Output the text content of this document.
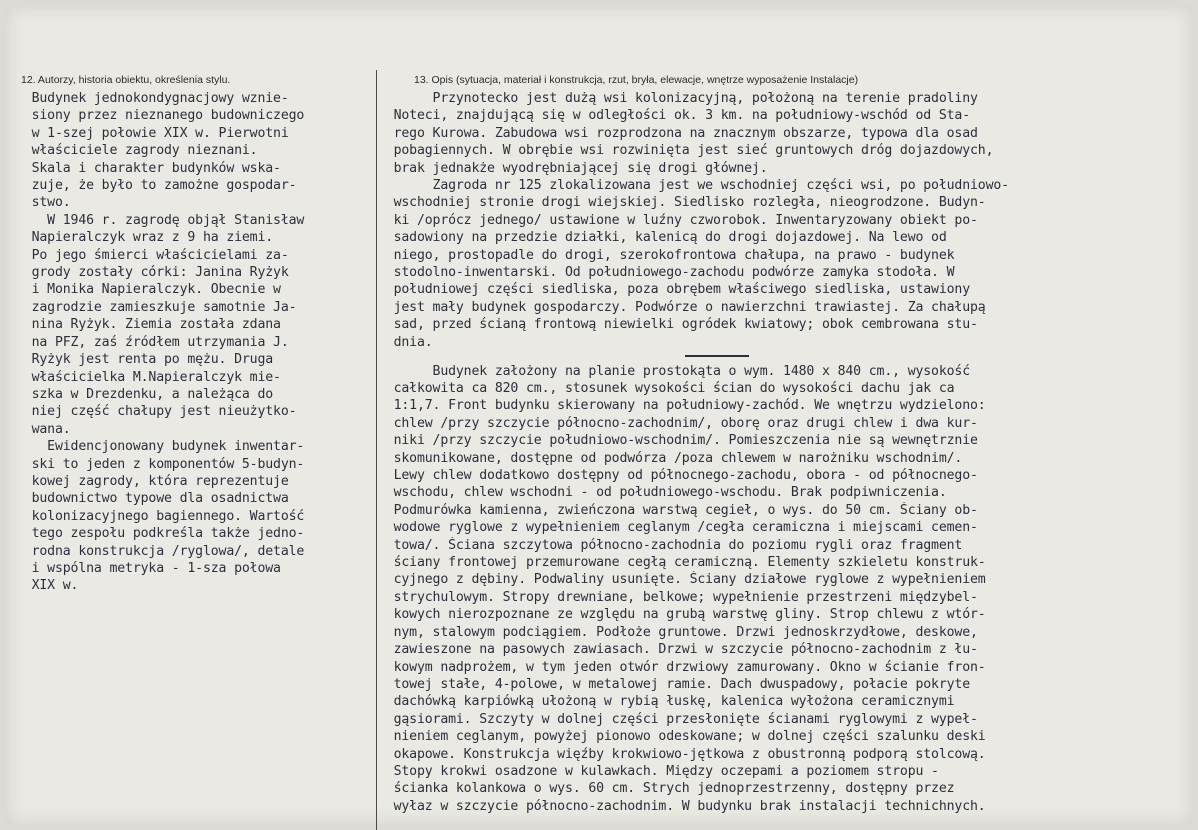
12. Autorzy, historia obiektu, określenia stylu.	13. Opis (sytuacja, materiał i konstrukcja, rzut, bryła, elewacje, wnętrze wyposażenie Instalacje)
Budynek jednokondygnacjowy wznie-
siony przez nieznanego budowniczego
w 1-szej połowie XIX w. Pierwotni
właściciele zagrody nieznani.
Skala i charakter budynków wska-
zuje, że było to zamożne gospodar-
stwo.
W 1946 r. zagrodę objął Stanisław
Napieralczyk wraz z 9 ha ziemi.
Po jego śmierci właścicielami za-
grody zostały córki: Janina Ryżyk
i Monika Napieralczyk. Obecnie w
zagrodzie zamieszkuje samotnie Ja-
nina Ryżyk. Ziemia została zdana
na PFZ, zaś źródłem utrzymania J.
Ryżyk jest renta po mężu. Druga
właścicielka M.Napieralczyk mie-
szka w Drezdenku, a należąca do
niej część chałupy jest nieużytko-
wana.
Ewidencjonowany budynek inwentar-
ski to jeden z komponentów 5-budyn-
kowej zagrody, która reprezentuje
budownictwo typowe dla osadnictwa
kolonizacyjnego bagiennego. Wartość
tego zespołu podkreśla także jedno-
rodna konstrukcja /ryglowa/, detale
i wspólna metryka - 1-sza połowa
XIX w.
Przynotecko jest dużą wsi kolonizacyjną, położoną na terenie pradoliny
Noteci, znajdującą się w odległości ok. 3 km. na południowy-wschód od Sta-
rego Kurowa. Zabudowa wsi rozprodzona na znacznym obszarze, typowa dla osad
pobagiennych. W obrębie wsi rozwinięta jest sieć gruntowych dróg dojazdowych,
brak jednakże wyodrębniającej się drogi głównej.
Zagroda nr 125 zlokalizowana jest we wschodniej części wsi, po południowo-
wschodniej stronie drogi wiejskiej. Siedlisko rozległa, nieogrodzone. Budyn-
ki /oprócz jednego/ ustawione w luźny czworobok. Inwentaryzowany obiekt po-
sadowiony na przedzie działki, kalenicą do drogi dojazdowej. Na lewo od
niego, prostopadle do drogi, szerokofrontowa chałupa, na prawo - budynek
stodolno-inwentarski. Od południowego-zachodu podwórze zamyka stodoła. W
południowej części siedliska, poza obrębem właściwego siedliska, ustawiony
jest mały budynek gospodarczy. Podwórze o nawierzchni trawiastej. Za chałupą
sad, przed ścianą frontową niewielki ogródek kwiatowy; obok cembrowana stu-
dnia.
Budynek założony na planie prostokąta o wym. 1480 x 840 cm., wysokość
całkowita ca 820 cm., stosunek wysokości ścian do wysokości dachu jak ca
1:1,7. Front budynku skierowany na południowy-zachód. We wnętrzu wydzielono:
chlew /przy szczycie północno-zachodnim/, oborę oraz drugi chlew i dwa kur-
niki /przy szczycie południowo-wschodnim/. Pomieszczenia nie są wewnętrznie
skomunikowane, dostępne od podwórza /poza chlewem w narożniku wschodnim/.
Lewy chlew dodatkowo dostępny od północnego-zachodu, obora - od północnego-
wschodu, chlew wschodni - od południowego-wschodu. Brak podpiwniczenia.
Podmurówka kamienna, zwieńczona warstwą cegieł, o wys. do 50 cm. Ściany ob-
wodowe ryglowe z wypełnieniem ceglanym /cegła ceramiczna i miejscami cemen-
towa/. Ściana szczytowa północno-zachodnia do poziomu rygli oraz fragment
ściany frontowej przemurowane cegłą ceramiczną. Elementy szkieletu konstruk-
cyjnego z dębiny. Podwaliny usunięte. Ściany działowe ryglowe z wypełnieniem
strychulowym. Stropy drewniane, belkowe; wypełnienie przestrzeni międzybel-
kowych nierozpoznane ze względu na grubą warstwę gliny. Strop chlewu z wtór-
nym, stalowym podciągiem. Podłoże gruntowe. Drzwi jednoskrzydłowe, deskowe,
zawieszone na pasowych zawiasach. Drzwi w szczycie północno-zachodnim z łu-
kowym nadprożem, w tym jeden otwór drzwiowy zamurowany. Okno w ścianie fron-
towej stałe, 4-polowe, w metalowej ramie. Dach dwuspadowy, połacie pokryte
dachówką karpiówką ułożoną w rybią łuskę, kalenica wyłożona ceramicznymi
gąsiorami. Szczyty w dolnej części przesłonięte ścianami ryglowymi z wypeł-
nieniem ceglanym, powyżej pionowo odeskowane; w dolnej części szalunku deski
okapowe. Konstrukcja więźby krokwiowo-jętkowa z obustronną podporą stolcową.
Stopy krokwi osadzone w kulawkach. Między oczepami a poziomem stropu -
ścianka kolankowa o wys. 60 cm. Strych jednoprzestrzenny, dostępny przez
wyłaz w szczycie północno-zachodnim. W budynku brak instalacji technichnych.
